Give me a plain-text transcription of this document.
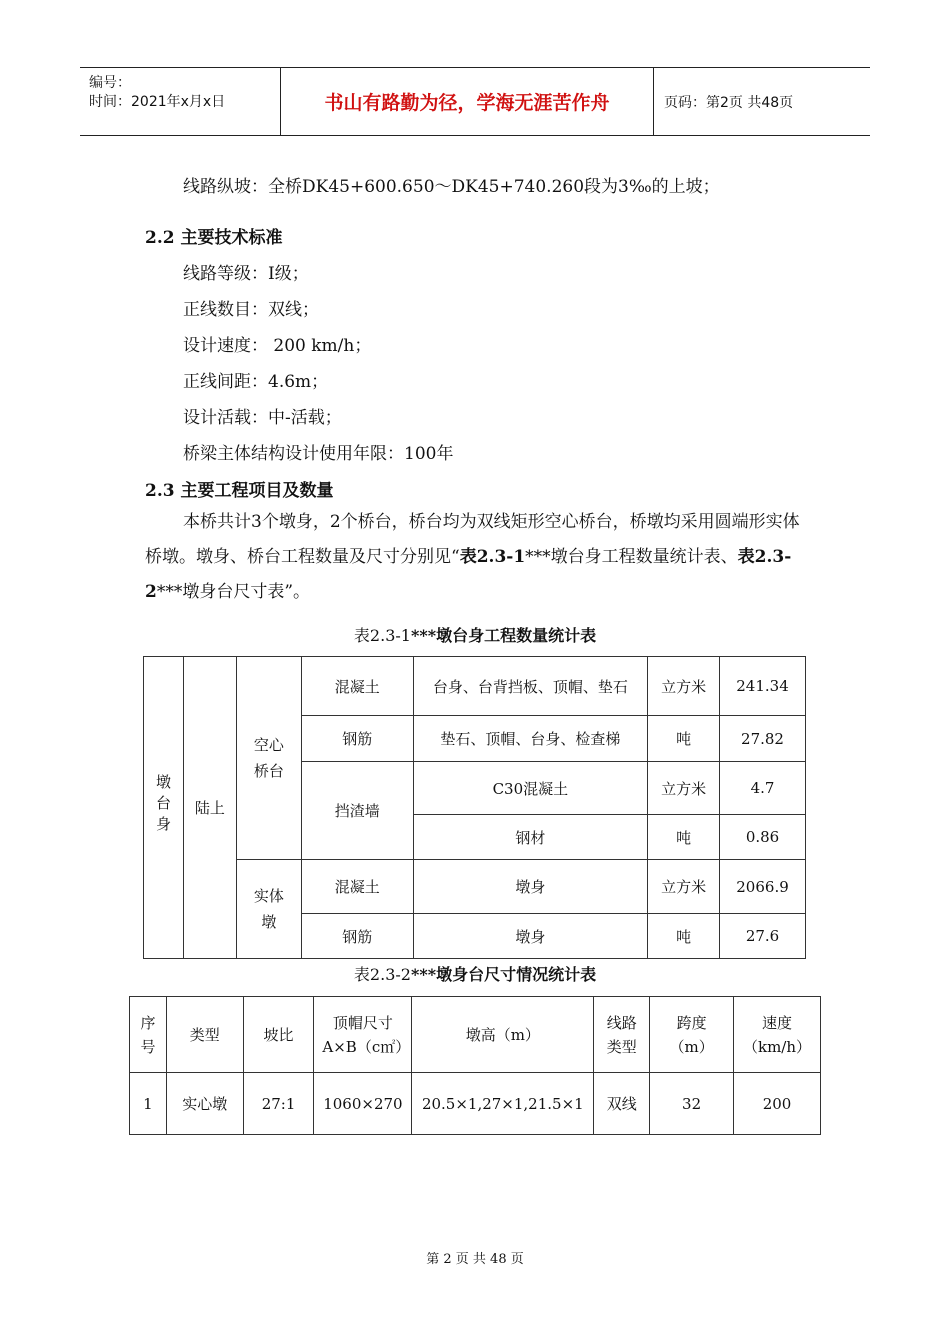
编号：
时间：2021年x月x日	书山有路勤为径，学海无涯苦作舟	页码：第2页 共48页
线路纵坡：全桥DK45+600.650～DK45+740.260段为3‰的上坡；
2.2 主要技术标准
线路等级：Ⅰ级；
正线数目：双线；
设计速度： 200 km/h；
正线间距：4.6m；
设计活载：中-活载；
桥梁主体结构设计使用年限：100年
2.3 主要工程项目及数量
本桥共计3个墩身，2个桥台，桥台均为双线矩形空心桥台，桥墩均采用圆端形实体桥墩。墩身、桥台工程数量及尺寸分别见“表2.3-1***墩台身工程数量统计表、表2.3-2***墩身台尺寸表”。
表2.3-1***墩台身工程数量统计表
墩台身	陆上	空心桥台	混凝土	台身、台背挡板、顶帽、垫石	立方米	241.34
			钢筋	垫石、顶帽、台身、检查梯	吨	27.82
			挡渣墙	C30混凝土	立方米	4.7
				钢材	吨	0.86

		实体墩	混凝土	墩身	立方米	2066.9
			钢筋	墩身	吨	27.6
表2.3-2***墩身台尺寸情况统计表
序号	类型	坡比	顶帽尺寸A×B（c㎡）	墩高（m）	线路类型	跨度（m）	速度（km/h）

1	实心墩	27:1	1060×270	20.5×1,27×1,21.5×1	双线	32	200
第 2 页 共 48 页
